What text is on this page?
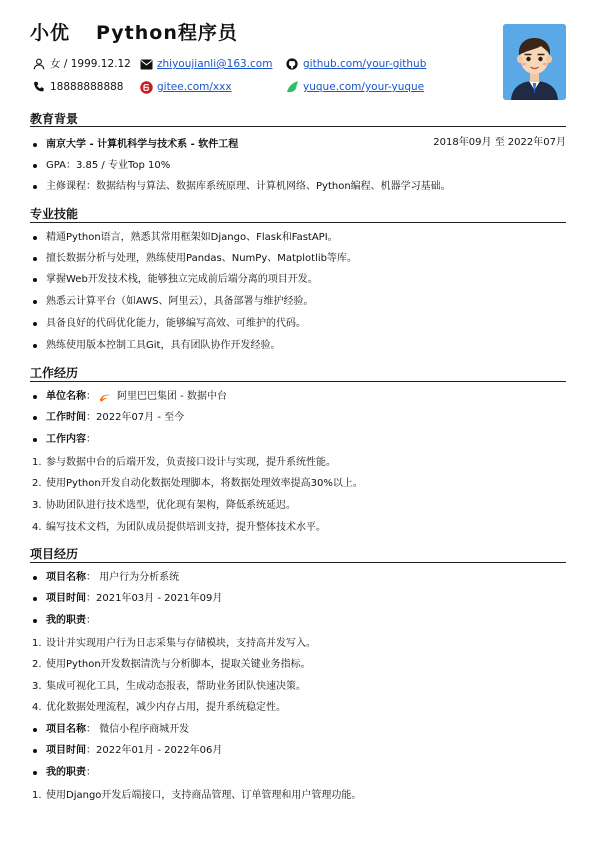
小优 Python程序员
女 / 1999.12.12 zhiyoujianli@163.com	github.com/your-github
18888888888	gitee.com/xxx	yuque.com/your-yuque
教育背景
南京大学 - 计算机科学与技术系 - 软件工程	2018年09月 至 2022年07月
GPA：3.85 / 专业Top 10%
主修课程：数据结构与算法、数据库系统原理、计算机网络、Python编程、机器学习基础。
专业技能
精通Python语言，熟悉其常用框架如Django、Flask和FastAPI。
擅长数据分析与处理，熟练使用Pandas、NumPy、Matplotlib等库。
掌握Web开发技术栈，能够独立完成前后端分离的项目开发。
熟悉云计算平台（如AWS、阿里云），具备部署与维护经验。
具备良好的代码优化能力，能够编写高效、可维护的代码。
熟练使用版本控制工具Git，具有团队协作开发经验。
工作经历
单位名称 ： 阿里巴巴集团 - 数据中台
工作时间 ： 2022年07月 - 至今
工作内容 ：
1. 参与数据中台的后端开发，负责接口设计与实现，提升系统性能。
2. 使用Python开发自动化数据处理脚本，将数据处理效率提高30%以上。
3. 协助团队进行技术选型，优化现有架构，降低系统延迟。
4. 编写技术文档，为团队成员提供培训支持，提升整体技术水平。
项目经历
项目名称 ： 用户行为分析系统
项目时间 ： 2021年03月 - 2021年09月
我的职责 ：
1. 设计并实现用户行为日志采集与存储模块，支持高并发写入。
2. 使用Python开发数据清洗与分析脚本，提取关键业务指标。
3. 集成可视化工具，生成动态报表，帮助业务团队快速决策。
4. 优化数据处理流程，减少内存占用，提升系统稳定性。
项目名称 ： 微信小程序商城开发
项目时间 ： 2022年01月 - 2022年06月
我的职责 ：
1. 使用Django开发后端接口，支持商品管理、订单管理和用户管理功能。
